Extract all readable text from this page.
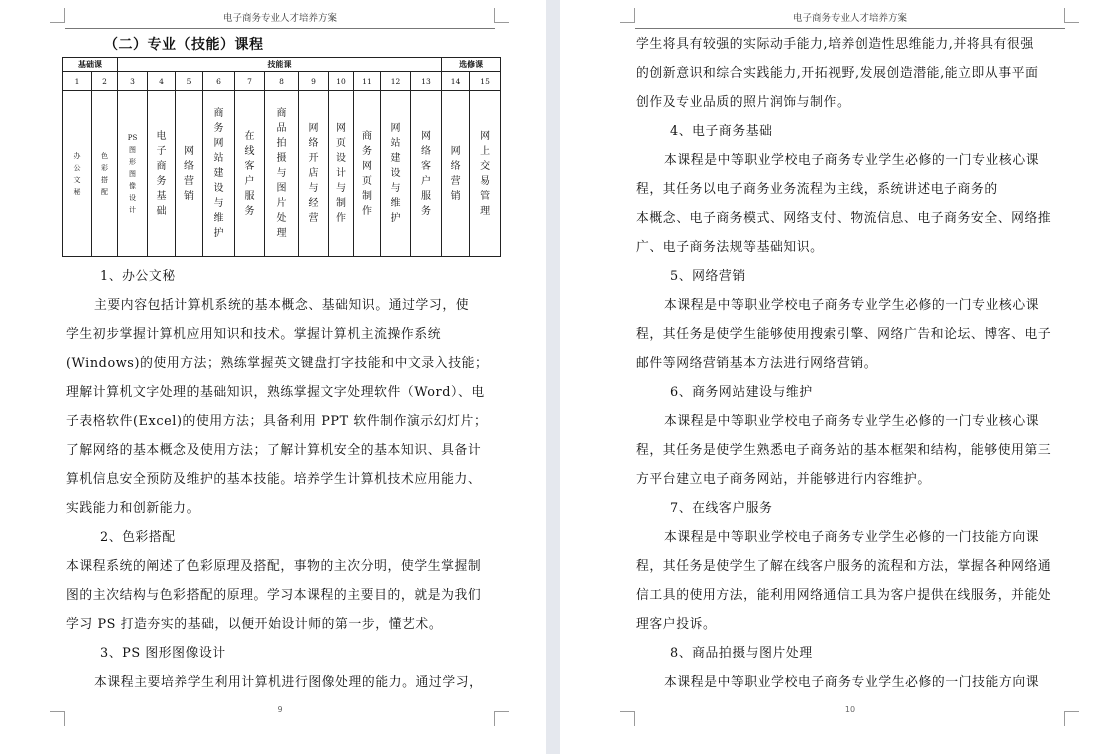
电子商务专业人才培养方案
（二）专业（技能）课程
基础课		技能课											选修课	
1	2	3	4	5	6	7	8	9	10	11	12	13	14	15
办公文秘	色彩搭配	PS图形图像设计	电子商务基础	网络营销	商务网站建设与维护	在线客户服务	商品拍摄与图片处理	网络开店与经营	网页设计与制作	商务网页制作	网站建设与维护	网络客户服务	网络营销	网上交易管理

1、办公文秘

主要内容包括计算机系统的基本概念、基础知识。通过学习，使

学生初步掌握计算机应用知识和技术。掌握计算机主流操作系统

(Windows)的使用方法；熟练掌握英文键盘打字技能和中文录入技能；

理解计算机文字处理的基础知识，熟练掌握文字处理软件（Word）、电

子表格软件(Excel)的使用方法；具备利用 PPT 软件制作演示幻灯片；

了解网络的基本概念及使用方法；了解计算机安全的基本知识、具备计

算机信息安全预防及维护的基本技能。培养学生计算机技术应用能力、

实践能力和创新能力。

2、色彩搭配

本课程系统的阐述了色彩原理及搭配，事物的主次分明，使学生掌握制

图的主次结构与色彩搭配的原理。学习本课程的主要目的，就是为我们

学习 PS 打造夯实的基础，以便开始设计师的第一步，懂艺术。

3、PS 图形图像设计

本课程主要培养学生利用计算机进行图像处理的能力。通过学习，

9
电子商务专业人才培养方案

学生将具有较强的实际动手能力,培养创造性思维能力,并将具有很强

的创新意识和综合实践能力,开拓视野,发展创造潜能,能立即从事平面

创作及专业品质的照片润饰与制作。

4、电子商务基础

本课程是中等职业学校电子商务专业学生必修的一门专业核心课

程，其任务以电子商务业务流程为主线，系统讲述电子商务的

本概念、电子商务模式、网络支付、物流信息、电子商务安全、网络推

广、电子商务法规等基础知识。

5、网络营销

本课程是中等职业学校电子商务专业学生必修的一门专业核心课

程，其任务是使学生能够使用搜索引擎、网络广告和论坛、博客、电子

邮件等网络营销基本方法进行网络营销。

6、商务网站建设与维护

本课程是中等职业学校电子商务专业学生必修的一门专业核心课

程，其任务是使学生熟悉电子商务站的基本框架和结构，能够使用第三

方平台建立电子商务网站，并能够进行内容维护。

7、在线客户服务

本课程是中等职业学校电子商务专业学生必修的一门技能方向课

程，其任务是使学生了解在线客户服务的流程和方法，掌握各种网络通

信工具的使用方法，能利用网络通信工具为客户提供在线服务，并能处

理客户投诉。

8、商品拍摄与图片处理

本课程是中等职业学校电子商务专业学生必修的一门技能方向课

10
